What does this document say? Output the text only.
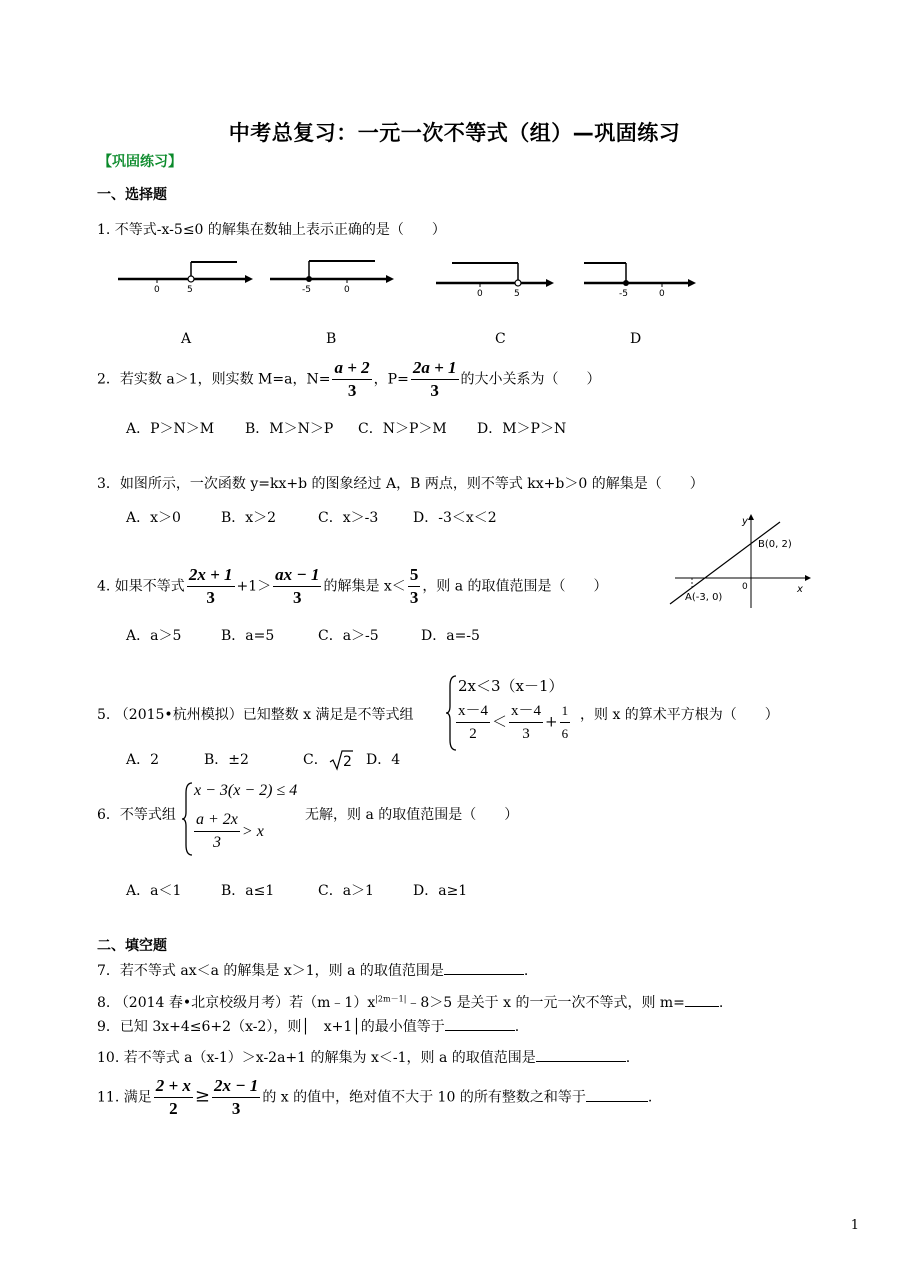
中考总复习：一元一次不等式（组）—巩固练习
【巩固练习】
一、选择题
1. 不等式-x-5≤0 的解集在数轴上表示正确的是（　　）
0	5	-5	0	0	5	-5	0
A	B	C	D
2．若实数 a＞1，则实数 M=a，$N= \frac{a + 2}{3}$ ，$P= \frac{2a + 1}{3}$ 的大小关系为（　　）
A．P＞N＞M B．M＞N＞P C．N＞P＞M D．M＞P＞N
3．如图所示，一次函数 y=kx+b 的图象经过 A，B 两点，则不等式 kx+b＞0 的解集是（　　）
A．x＞0	B．x＞2	C．x＞-3 D．-3＜x＜2	y
x
0
A(-3, 0)
B(0, 2)
4. 如果不等式 $\frac{2x + 1}{3} +1> \frac{ax - 1}{3}$ 的解集是 $x< \frac{5}{3}$ ，则 a 的取值范围是（　　）
A．a＞5	B．a=5	C．a＞-5	D．a=-5
5. （2015•杭州模拟）已知整数 x 满足是不等式组
2x＜3（x－1）
$\frac{x-4}{2} < \frac{x-4}{3} + \frac{1}{6}$ ，则 x 的算术平方根为（　　）
A．2	B．±2	C． 2 D．4
6．不等式组
x − 3(x − 2) ≤ 4
$\frac{a + 2x}{3} > x$
无解，则 a 的取值范围是（　　）
A．a＜1	B．a≤1	C．a＞1	D．a≥1
二、填空题
7．若不等式 ax＜a 的解集是 x＞1，则 a 的取值范围是	.
8. （2014 春•北京校级月考）若$(m﹣1)x^{|2m-1|}﹣8>5$ 是关于 x 的一元一次不等式，则 m= .
9．已知 3x+4≤6+2（x-2），则│　x+1│的最小值等于	.
10. 若不等式 a（x-1）＞x-2a+1 的解集为 x＜-1，则 a 的取值范围是	.
11. 满足 $\frac{2 + x}{2} \ge \frac{2x - 1}{3}$ 的 x 的值中，绝对值不大于 10 的所有整数之和等于	.
1
